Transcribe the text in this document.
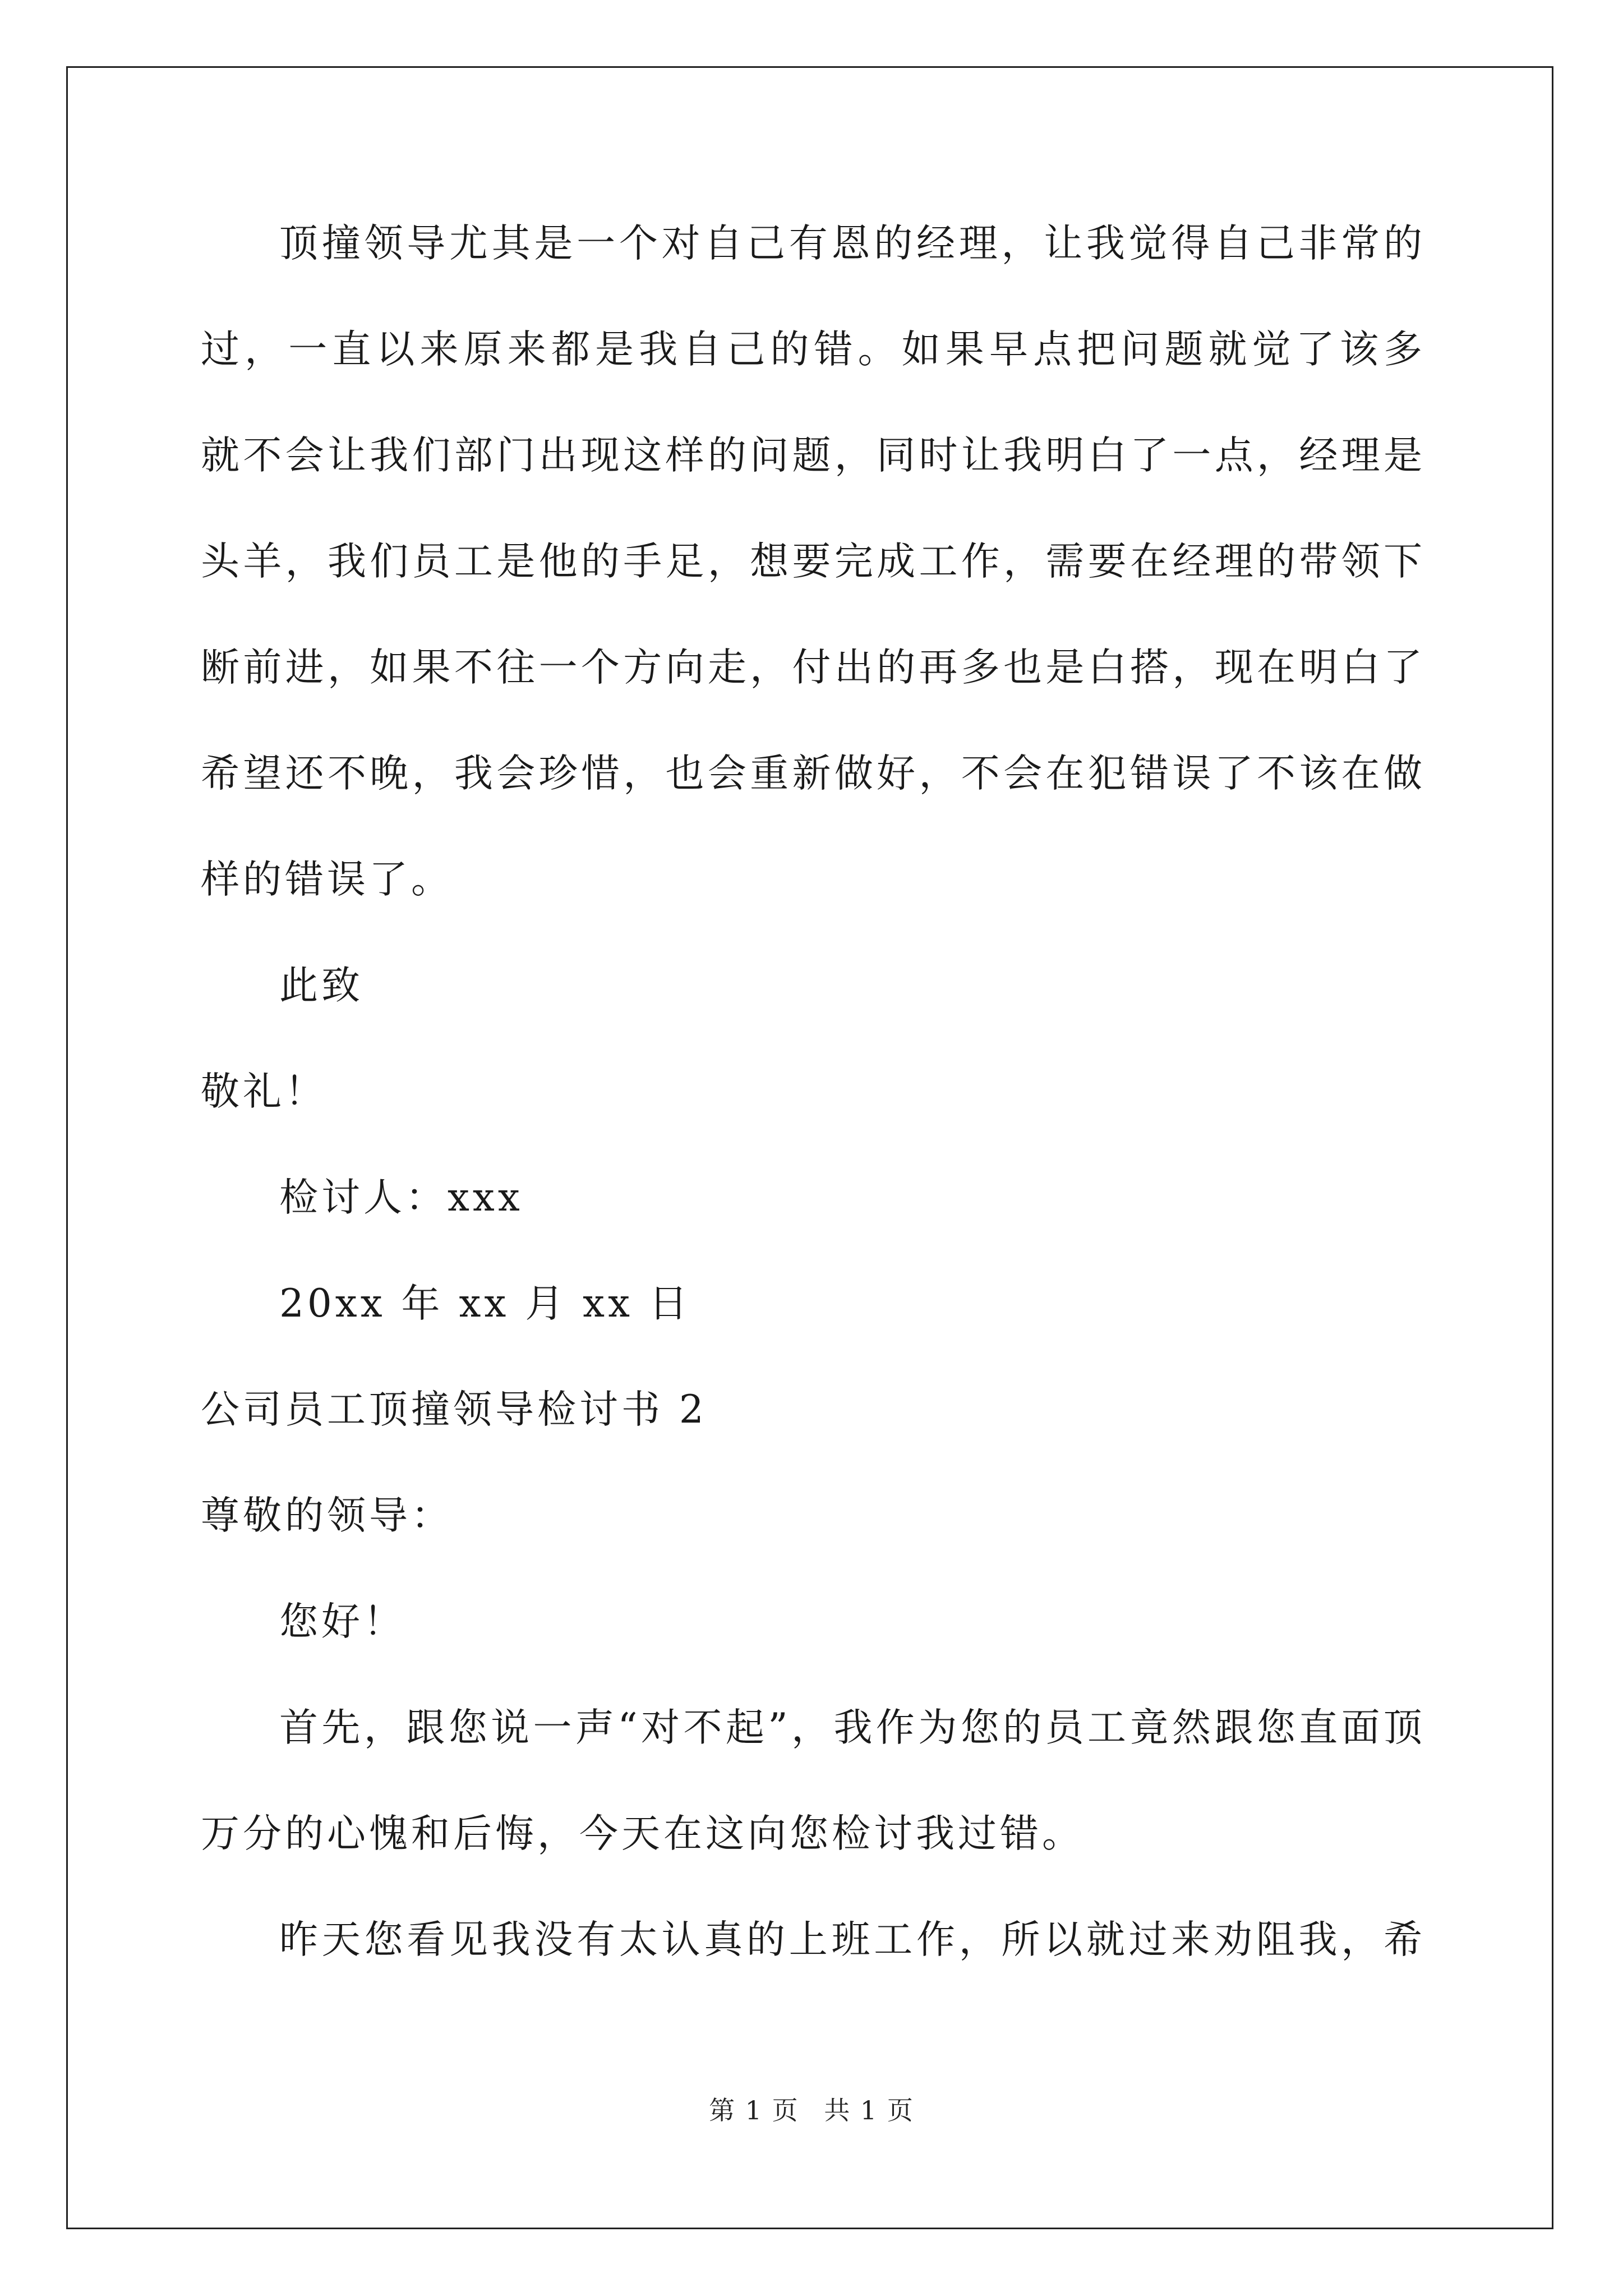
顶撞领导尤其是一个对自己有恩的经理，让我觉得自己非常的
过，一直以来原来都是我自己的错。如果早点把问题就觉了该多
就不会让我们部门出现这样的问题，同时让我明白了一点，经理是
头羊，我们员工是他的手足，想要完成工作，需要在经理的带领下
断前进，如果不往一个方向走，付出的再多也是白搭，现在明白了
希望还不晚，我会珍惜，也会重新做好，不会在犯错误了不该在做
样的错误了。
此致
敬礼！
检讨人：xxx
20xx 年 xx 月 xx 日
公司员工顶撞领导检讨书 2
尊敬的领导：
您好！
首先，跟您说一声“对不起”，我作为您的员工竟然跟您直面顶
万分的心愧和后悔，今天在这向您检讨我过错。
昨天您看见我没有太认真的上班工作，所以就过来劝阻我，希
第 1 页 共 1 页
